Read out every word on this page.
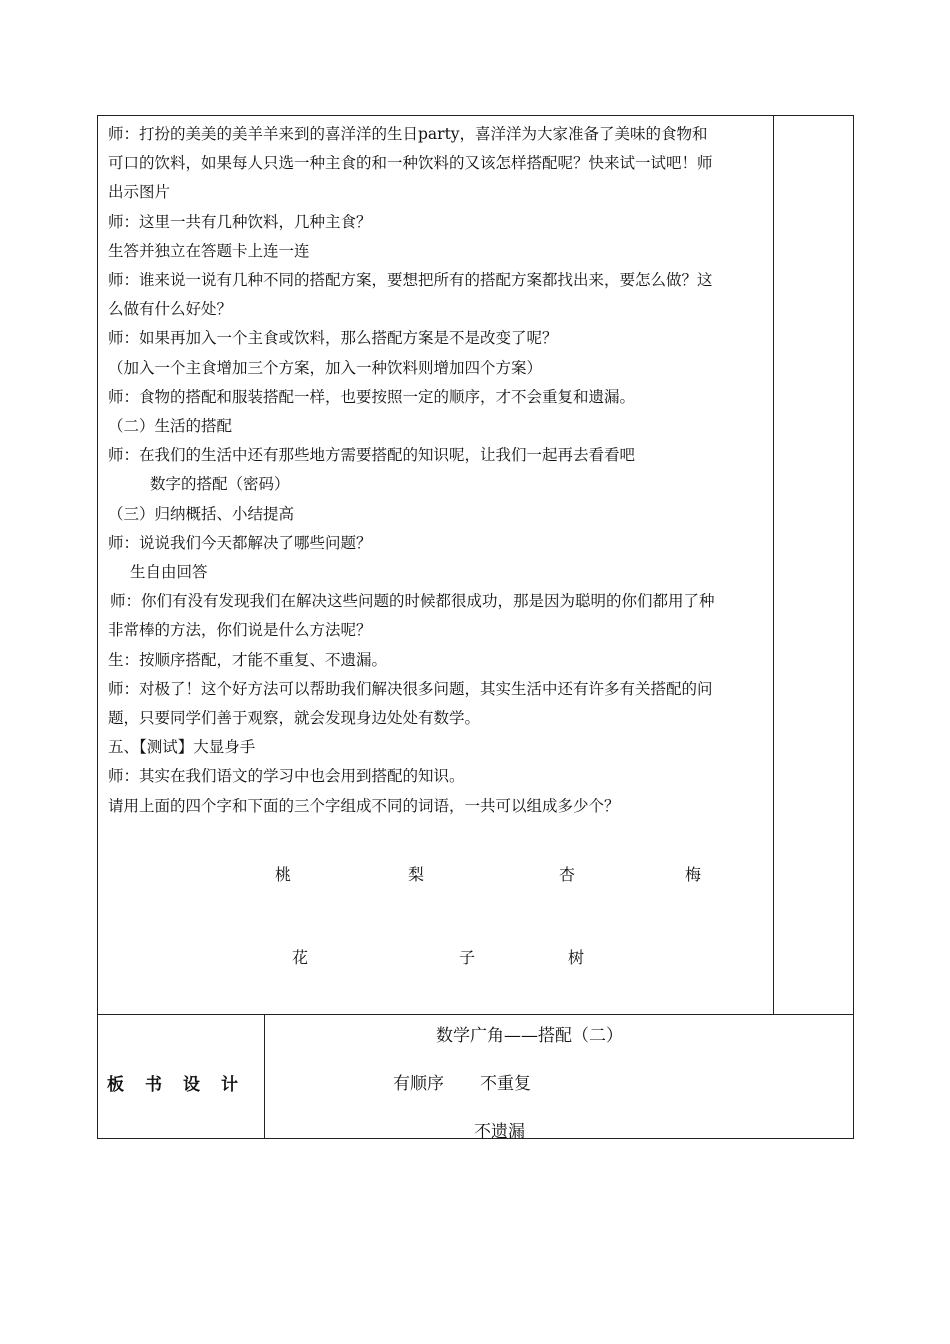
师：打扮的美美的美羊羊来到的喜洋洋的生日party，喜洋洋为大家准备了美味的食物和
可口的饮料，如果每人只选一种主食的和一种饮料的又该怎样搭配呢？快来试一试吧！师
出示图片
师：这里一共有几种饮料，几种主食？
生答并独立在答题卡上连一连
师：谁来说一说有几种不同的搭配方案，要想把所有的搭配方案都找出来，要怎么做？这
么做有什么好处？
师：如果再加入一个主食或饮料，那么搭配方案是不是改变了呢？
（加入一个主食增加三个方案，加入一种饮料则增加四个方案）
师：食物的搭配和服装搭配一样，也要按照一定的顺序，才不会重复和遗漏。
（二）生活的搭配
师：在我们的生活中还有那些地方需要搭配的知识呢，让我们一起再去看看吧
数字的搭配（密码）
（三）归纳概括、小结提高
师：说说我们今天都解决了哪些问题？
生自由回答
师：你们有没有发现我们在解决这些问题的时候都很成功，那是因为聪明的你们都用了种
非常棒的方法，你们说是什么方法呢？
生：按顺序搭配，才能不重复、不遗漏。
师：对极了！这个好方法可以帮助我们解决很多问题，其实生活中还有许多有关搭配的问
题，只要同学们善于观察，就会发现身边处处有数学。
五、【测试】大显身手
师：其实在我们语文的学习中也会用到搭配的知识。
请用上面的四个字和下面的三个字组成不同的词语，一共可以组成多少个？
桃	梨	杏	梅
花	子	树
板书设计
数学广角——搭配（二）
有顺序 不重复
不遗漏
